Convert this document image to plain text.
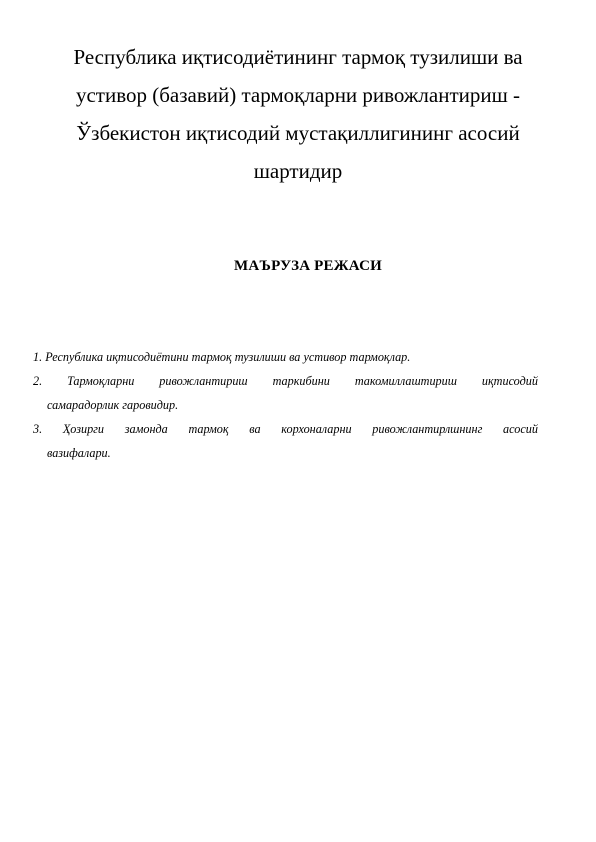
Республика иқтисодиётининг тармоқ тузилиши ва
устивор (базавий) тармоқларни ривожлантириш -
Ўзбекистон иқтисодий мустақиллигининг асосий
шартидир
МАЪРУЗА РЕЖАСИ
1. Республика иқтисодиётини тармоқ тузилиши ва устивор тармоқлар.
2. Тармоқларни ривожлантириш таркибини такомиллаштириш иқтисодий
самарадорлик гаровидир.
3. Ҳозирги замонда тармоқ ва корхоналарни ривожлантирлшнинг асосий
вазифалари.
